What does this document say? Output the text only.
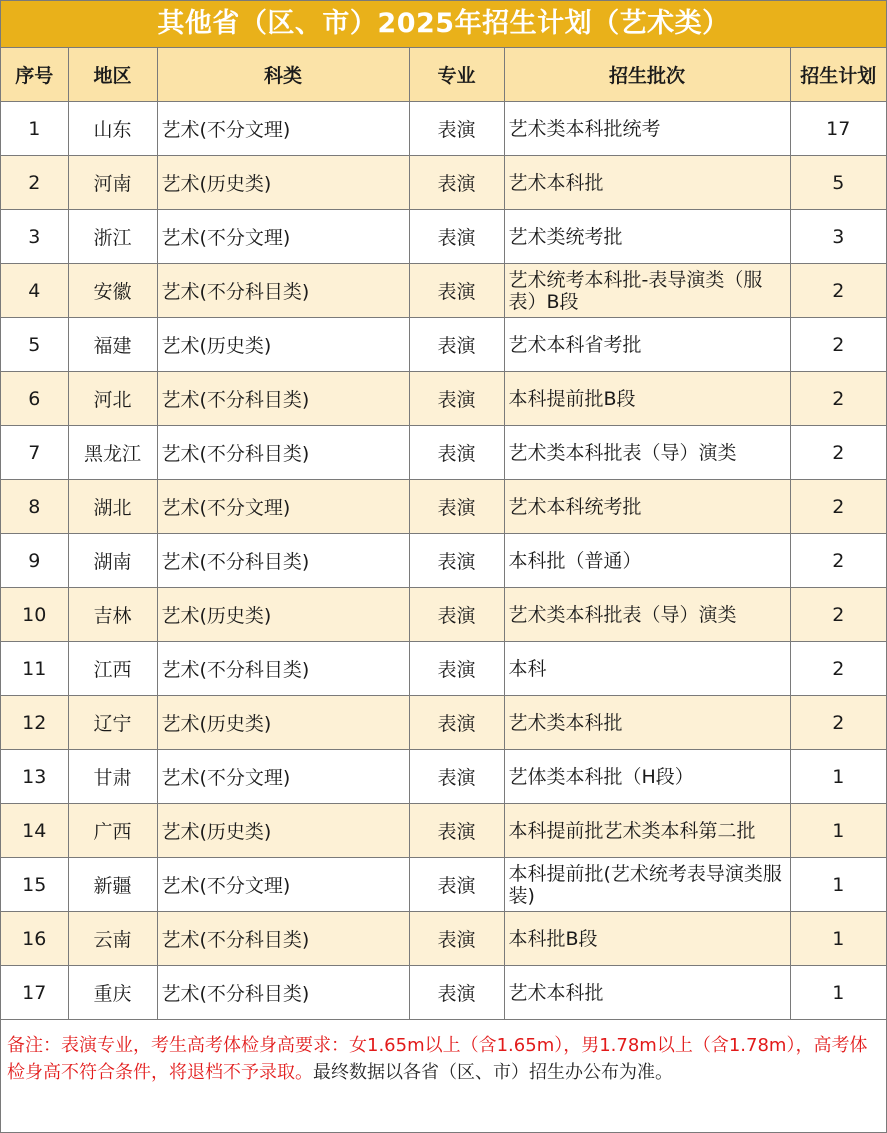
其他省（区、市）2025年招生计划（艺术类）
序号	地区	科类	专业	招生批次	招生计划
1	山东	艺术(不分文理)	表演	艺术类本科批统考	17
2	河南	艺术(历史类)	表演	艺术本科批	5
3	浙江	艺术(不分文理)	表演	艺术类统考批	3
4	安徽	艺术(不分科目类)	表演	艺术统考本科批-表导演类（服表）B段	2
5	福建	艺术(历史类)	表演	艺术本科省考批	2
6	河北	艺术(不分科目类)	表演	本科提前批B段	2
7	黑龙江	艺术(不分科目类)	表演	艺术类本科批表（导）演类	2
8	湖北	艺术(不分文理)	表演	艺术本科统考批	2
9	湖南	艺术(不分科目类)	表演	本科批（普通）	2
10	吉林	艺术(历史类)	表演	艺术类本科批表（导）演类	2
11	江西	艺术(不分科目类)	表演	本科	2
12	辽宁	艺术(历史类)	表演	艺术类本科批	2
13	甘肃	艺术(不分文理)	表演	艺体类本科批（H段）	1
14	广西	艺术(历史类)	表演	本科提前批艺术类本科第二批	1
15	新疆	艺术(不分文理)	表演	本科提前批(艺术统考表导演类服装)	1
16	云南	艺术(不分科目类)	表演	本科批B段	1
17	重庆	艺术(不分科目类)	表演	艺术本科批	1
备注：表演专业，考生高考体检身高要求：女1.65m以上（含1.65m），男1.78m以上（含1.78m），高考体检身高不符合条件，将退档不予录取。最终数据以各省（区、市）招生办公布为准。
